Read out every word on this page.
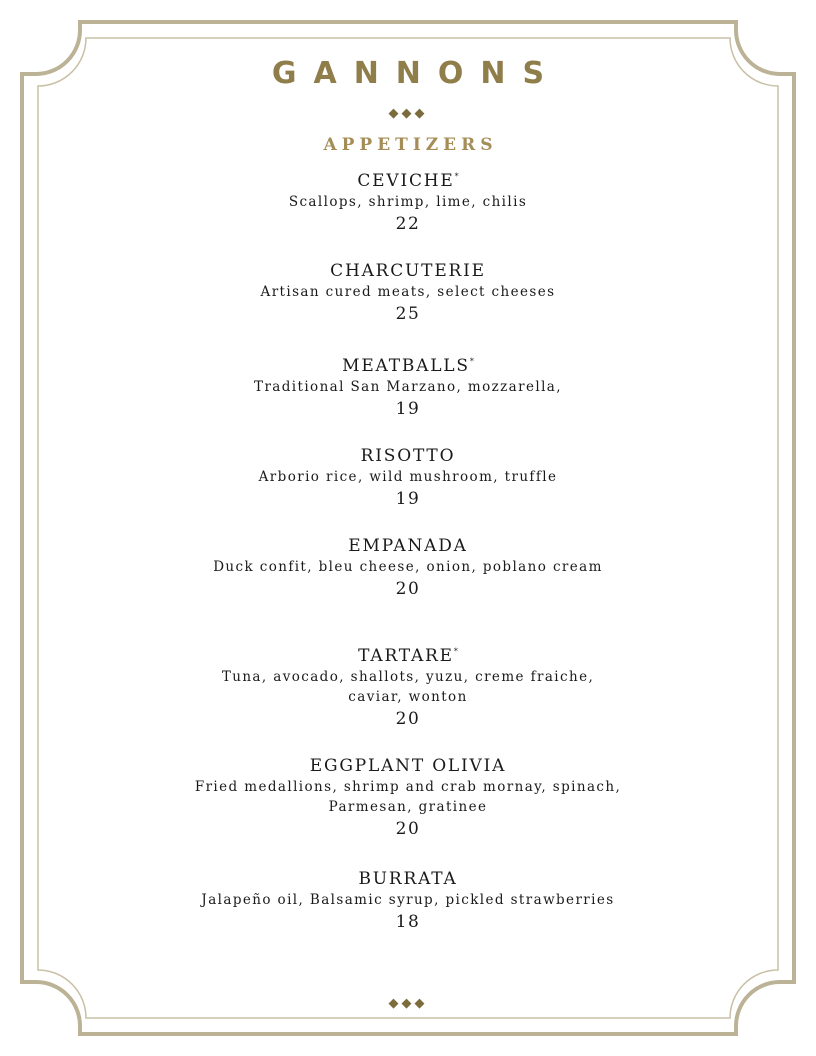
GANNONS
◆◆◆
APPETIZERS
CEVICHE*
Scallops, shrimp, lime, chilis
22
CHARCUTERIE
Artisan cured meats, select cheeses
25
MEATBALLS*
Traditional San Marzano, mozzarella,
19
RISOTTO
Arborio rice, wild mushroom, truffle
19
EMPANADA
Duck confit, bleu cheese, onion, poblano cream
20
TARTARE*
Tuna, avocado, shallots, yuzu, creme fraiche, caviar, wonton
20
EGGPLANT OLIVIA
Fried medallions, shrimp and crab mornay, spinach, Parmesan, gratinee
20
BURRATA
Jalapeño oil, Balsamic syrup, pickled strawberries
18
◆◆◆
